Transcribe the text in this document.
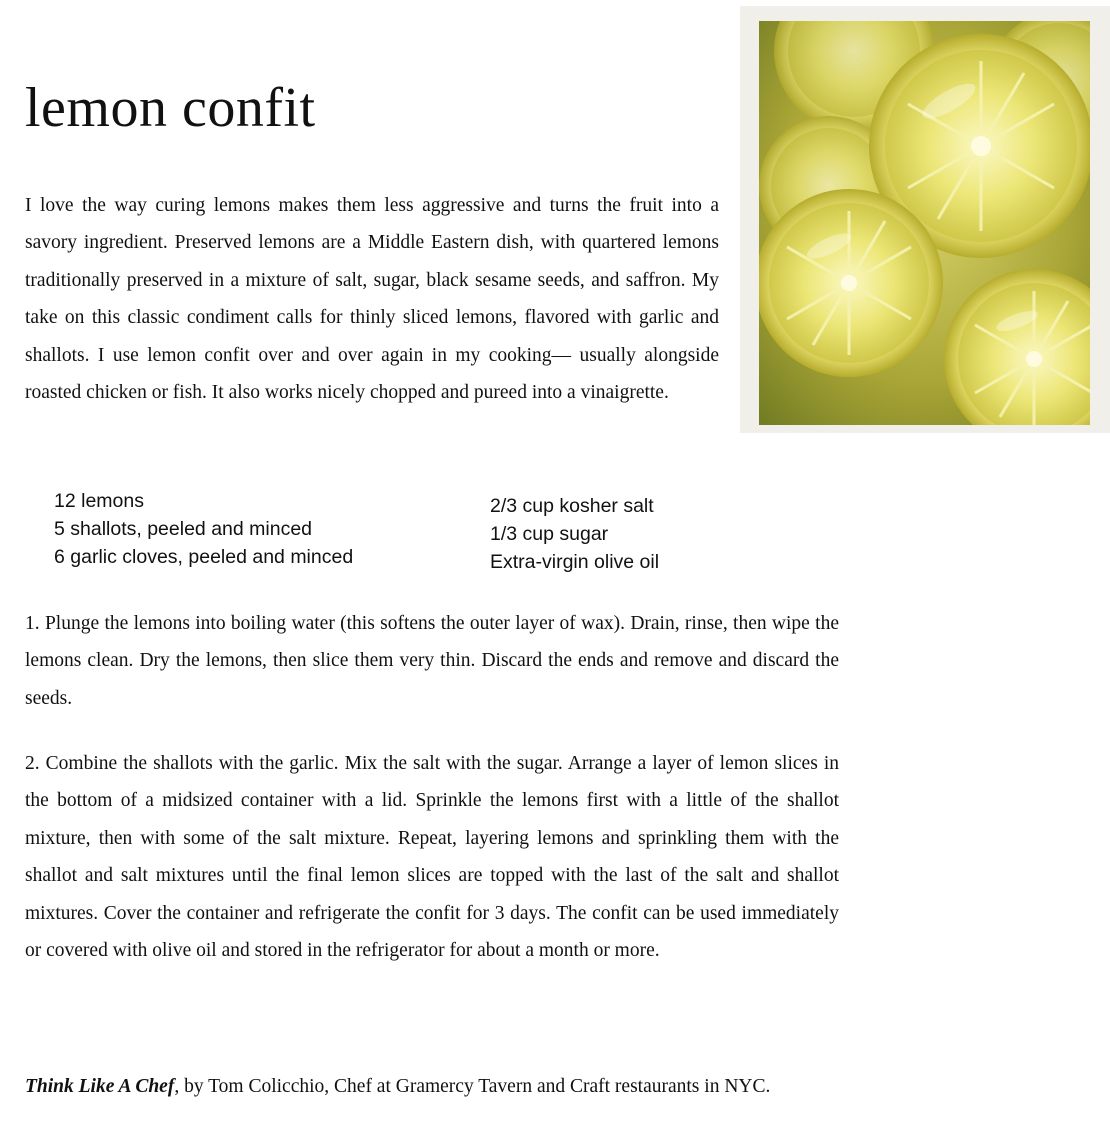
lemon confit

I love the way curing lemons makes them less aggressive and turns the fruit into a savory ingredient. Preserved lemons are a Middle Eastern dish, with quartered lemons traditionally preserved in a mixture of salt, sugar, black sesame seeds, and saffron. My take on this classic condiment calls for thinly sliced lemons, flavored with garlic and shallots. I use lemon confit over and over again in my cooking— usually alongside roasted chicken or fish. It also works nicely chopped and pureed into a vinaigrette.

12 lemons
5 shallots, peeled and minced
6 garlic cloves, peeled and minced
2/3 cup kosher salt
1/3 cup sugar
Extra-virgin olive oil

1. Plunge the lemons into boiling water (this softens the outer layer of wax). Drain, rinse, then wipe the lemons clean. Dry the lemons, then slice them very thin. Discard the ends and remove and discard the seeds.

2. Combine the shallots with the garlic. Mix the salt with the sugar. Arrange a layer of lemon slices in the bottom of a midsized container with a lid. Sprinkle the lemons first with a little of the shallot mixture, then with some of the salt mixture. Repeat, layering lemons and sprinkling them with the shallot and salt mixtures until the final lemon slices are topped with the last of the salt and shallot mixtures. Cover the container and refrigerate the confit for 3 days. The confit can be used immediately or covered with olive oil and stored in the refrigerator for about a month or more.

Think Like A Chef, by Tom Colicchio, Chef at Gramercy Tavern and Craft restaurants in NYC.
